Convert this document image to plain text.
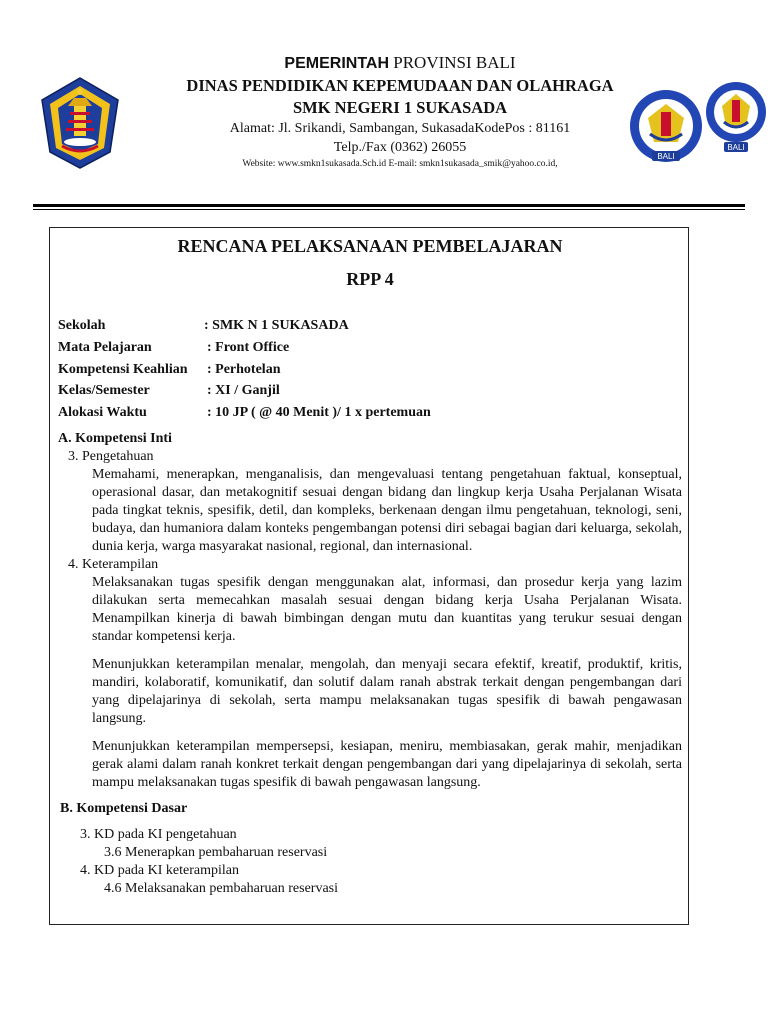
PEMERINTAH PROVINSI BALI
DINAS PENDIDIKAN KEPEMUDAAN DAN OLAHRAGA
SMK NEGERI 1 SUKASADA
Alamat: Jl. Srikandi, Sambangan, SukasadaKodePos : 81161
Telp./Fax (0362) 26055
Website: www.smkn1sukasada.Sch.id E-mail: smkn1sukasada_smik@yahoo.co.id,
BALI
BALI
RENCANA PELAKSANAAN PEMBELAJARAN
RPP 4
Sekolah	: SMK N 1 SUKASADA
Mata Pelajaran	: Front Office
Kompetensi Keahlian : Perhotelan
Kelas/Semester	: XI / Ganjil
Alokasi Waktu	: 10 JP ( @ 40 Menit )/ 1 x pertemuan
A. Kompetensi Inti
3. Pengetahuan
Memahami, menerapkan, menganalisis, dan mengevaluasi tentang pengetahuan faktual, konseptual, operasional dasar, dan metakognitif sesuai dengan bidang dan lingkup kerja Usaha Perjalanan Wisata pada tingkat teknis, spesifik, detil, dan kompleks, berkenaan dengan ilmu pengetahuan, teknologi, seni, budaya, dan humaniora dalam konteks pengembangan potensi diri sebagai bagian dari keluarga, sekolah, dunia kerja, warga masyarakat nasional, regional, dan internasional.
4. Keterampilan
Melaksanakan tugas spesifik dengan menggunakan alat, informasi, dan prosedur kerja yang lazim dilakukan serta memecahkan masalah sesuai dengan bidang kerja Usaha Perjalanan Wisata. Menampilkan kinerja di bawah bimbingan dengan mutu dan kuantitas yang terukur sesuai dengan standar kompetensi kerja.
Menunjukkan keterampilan menalar, mengolah, dan menyaji secara efektif, kreatif, produktif, kritis, mandiri, kolaboratif, komunikatif, dan solutif dalam ranah abstrak terkait dengan pengembangan dari yang dipelajarinya di sekolah, serta mampu melaksanakan tugas spesifik di bawah pengawasan langsung.
Menunjukkan keterampilan mempersepsi, kesiapan, meniru, membiasakan, gerak mahir, menjadikan gerak alami dalam ranah konkret terkait dengan pengembangan dari yang dipelajarinya di sekolah, serta mampu melaksanakan tugas spesifik di bawah pengawasan langsung.
B. Kompetensi Dasar
3. KD pada KI pengetahuan
3.6 Menerapkan pembaharuan reservasi
4. KD pada KI keterampilan
4.6 Melaksanakan pembaharuan reservasi
